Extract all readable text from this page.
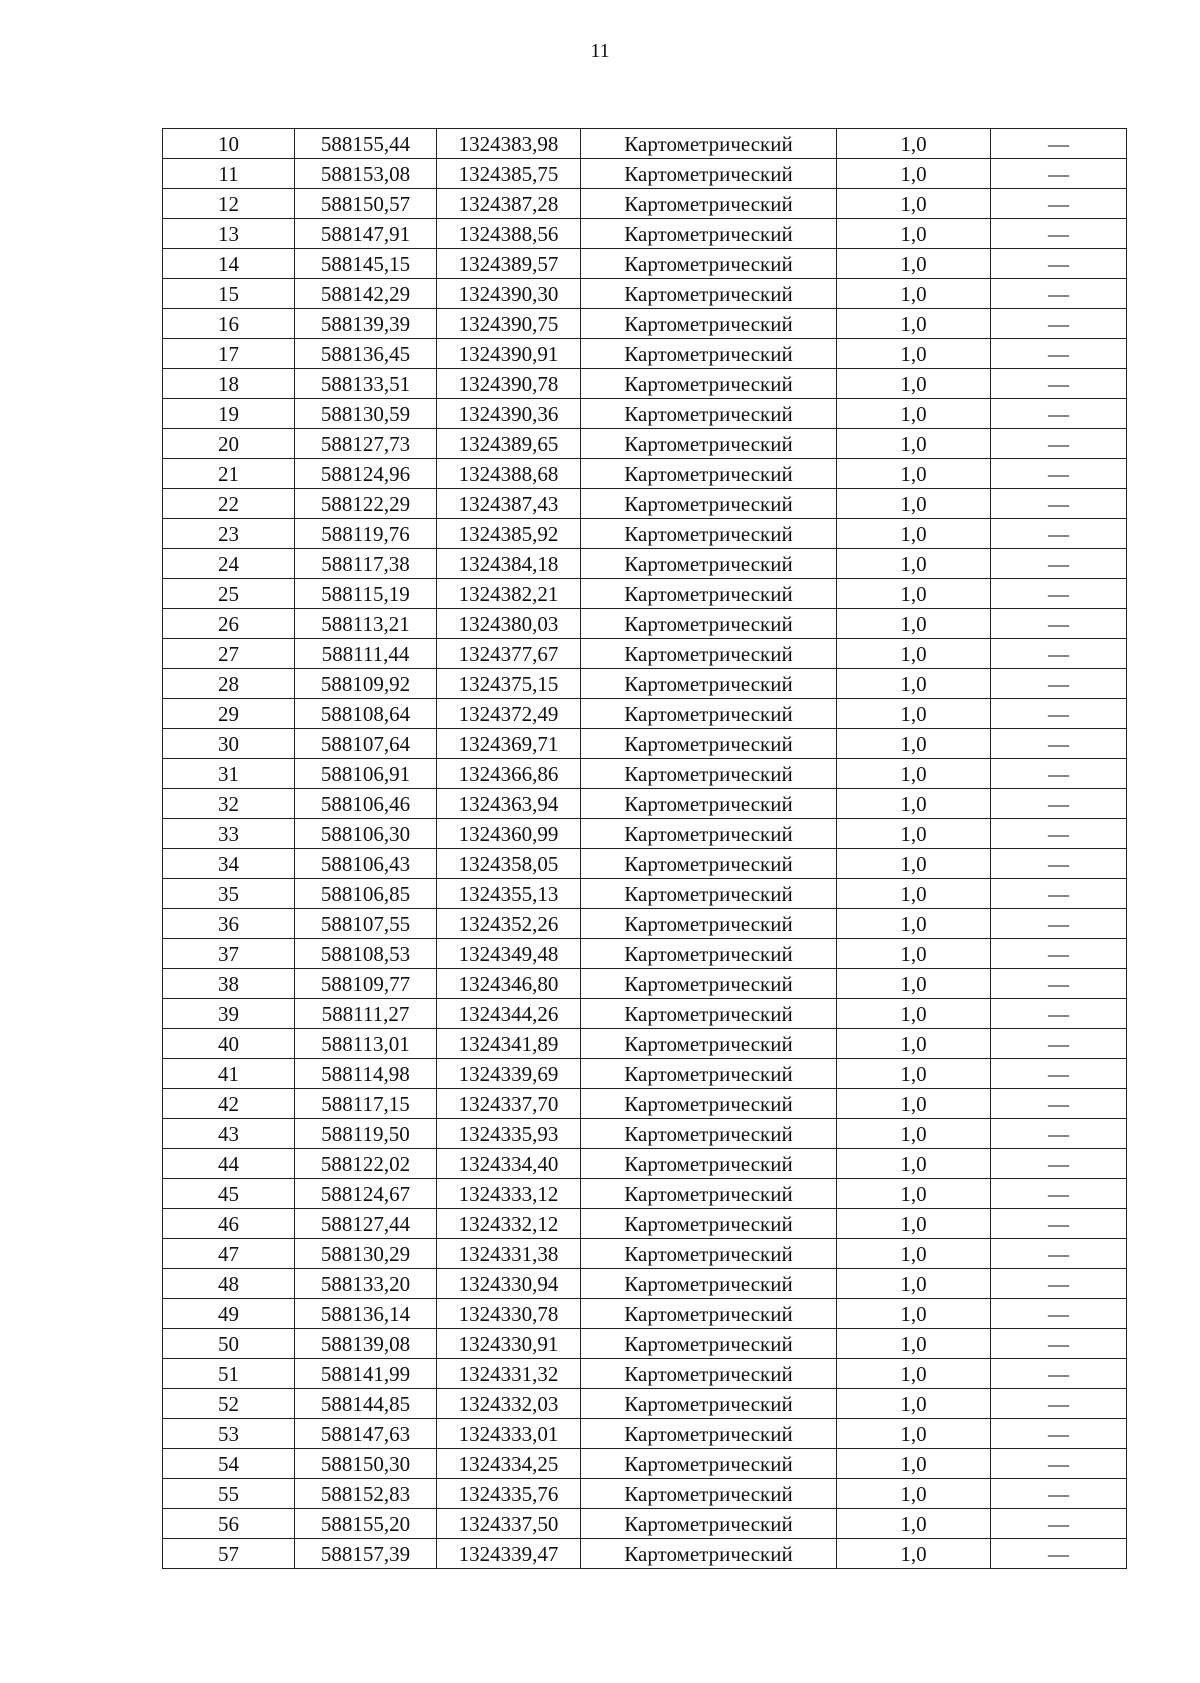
11
10	588155,44	1324383,98	Картометрический	1,0	—
11	588153,08	1324385,75	Картометрический	1,0	—
12	588150,57	1324387,28	Картометрический	1,0	—
13	588147,91	1324388,56	Картометрический	1,0	—
14	588145,15	1324389,57	Картометрический	1,0	—
15	588142,29	1324390,30	Картометрический	1,0	—
16	588139,39	1324390,75	Картометрический	1,0	—
17	588136,45	1324390,91	Картометрический	1,0	—
18	588133,51	1324390,78	Картометрический	1,0	—
19	588130,59	1324390,36	Картометрический	1,0	—
20	588127,73	1324389,65	Картометрический	1,0	—
21	588124,96	1324388,68	Картометрический	1,0	—
22	588122,29	1324387,43	Картометрический	1,0	—
23	588119,76	1324385,92	Картометрический	1,0	—
24	588117,38	1324384,18	Картометрический	1,0	—
25	588115,19	1324382,21	Картометрический	1,0	—
26	588113,21	1324380,03	Картометрический	1,0	—
27	588111,44	1324377,67	Картометрический	1,0	—
28	588109,92	1324375,15	Картометрический	1,0	—
29	588108,64	1324372,49	Картометрический	1,0	—
30	588107,64	1324369,71	Картометрический	1,0	—
31	588106,91	1324366,86	Картометрический	1,0	—
32	588106,46	1324363,94	Картометрический	1,0	—
33	588106,30	1324360,99	Картометрический	1,0	—
34	588106,43	1324358,05	Картометрический	1,0	—
35	588106,85	1324355,13	Картометрический	1,0	—
36	588107,55	1324352,26	Картометрический	1,0	—
37	588108,53	1324349,48	Картометрический	1,0	—
38	588109,77	1324346,80	Картометрический	1,0	—
39	588111,27	1324344,26	Картометрический	1,0	—
40	588113,01	1324341,89	Картометрический	1,0	—
41	588114,98	1324339,69	Картометрический	1,0	—
42	588117,15	1324337,70	Картометрический	1,0	—
43	588119,50	1324335,93	Картометрический	1,0	—
44	588122,02	1324334,40	Картометрический	1,0	—
45	588124,67	1324333,12	Картометрический	1,0	—
46	588127,44	1324332,12	Картометрический	1,0	—
47	588130,29	1324331,38	Картометрический	1,0	—
48	588133,20	1324330,94	Картометрический	1,0	—
49	588136,14	1324330,78	Картометрический	1,0	—
50	588139,08	1324330,91	Картометрический	1,0	—
51	588141,99	1324331,32	Картометрический	1,0	—
52	588144,85	1324332,03	Картометрический	1,0	—
53	588147,63	1324333,01	Картометрический	1,0	—
54	588150,30	1324334,25	Картометрический	1,0	—
55	588152,83	1324335,76	Картометрический	1,0	—
56	588155,20	1324337,50	Картометрический	1,0	—
57	588157,39	1324339,47	Картометрический	1,0	—
